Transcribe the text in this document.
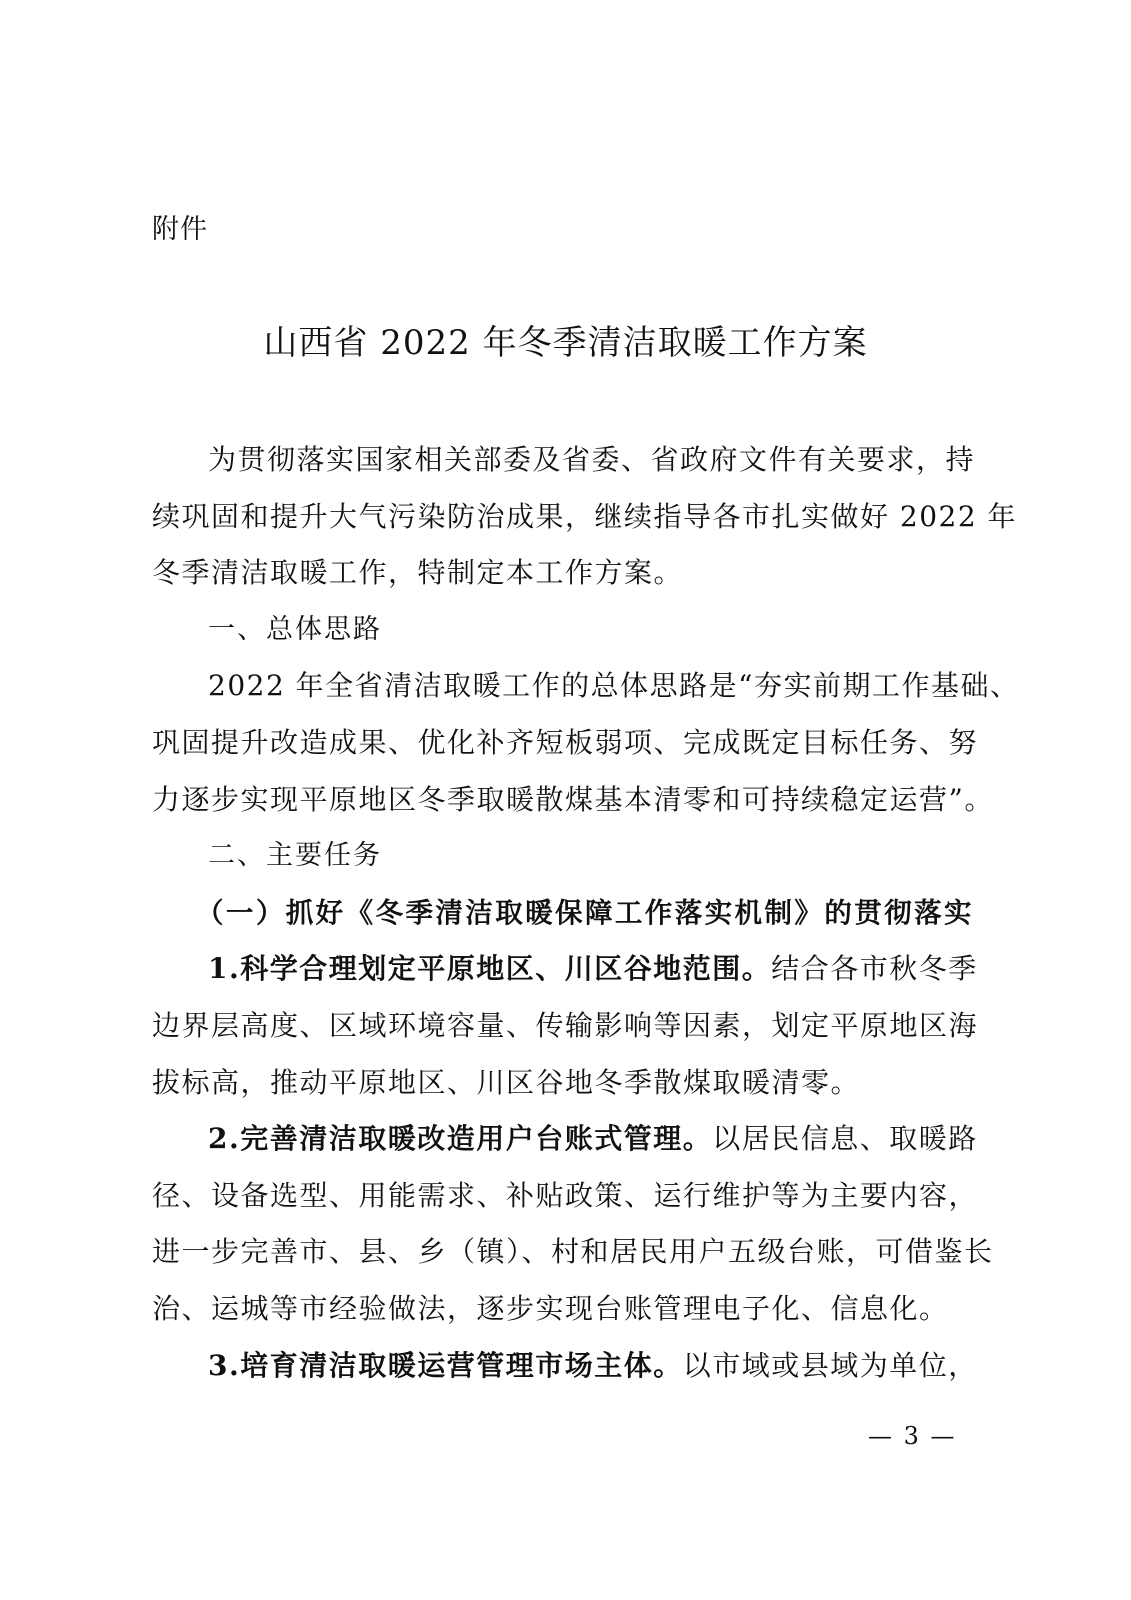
附件
山西省 2022 年冬季清洁取暖工作方案
为贯彻落实国家相关部委及省委、省政府文件有关要求，持
续巩固和提升大气污染防治成果，继续指导各市扎实做好 2022 年
冬季清洁取暖工作，特制定本工作方案。
一、总体思路
2022 年全省清洁取暖工作的总体思路是“夯实前期工作基础、
巩固提升改造成果、优化补齐短板弱项、完成既定目标任务、努
力逐步实现平原地区冬季取暖散煤基本清零和可持续稳定运营”。
二、主要任务
（一）抓好《冬季清洁取暖保障工作落实机制》的贯彻落实
1.科学合理划定平原地区、川区谷地范围。结合各市秋冬季
边界层高度、区域环境容量、传输影响等因素，划定平原地区海
拔标高，推动平原地区、川区谷地冬季散煤取暖清零。
2.完善清洁取暖改造用户台账式管理。以居民信息、取暖路
径、设备选型、用能需求、补贴政策、运行维护等为主要内容，
进一步完善市、县、乡（镇）、村和居民用户五级台账，可借鉴长
治、运城等市经验做法，逐步实现台账管理电子化、信息化。
3.培育清洁取暖运营管理市场主体。以市域或县域为单位，
— 3 —
